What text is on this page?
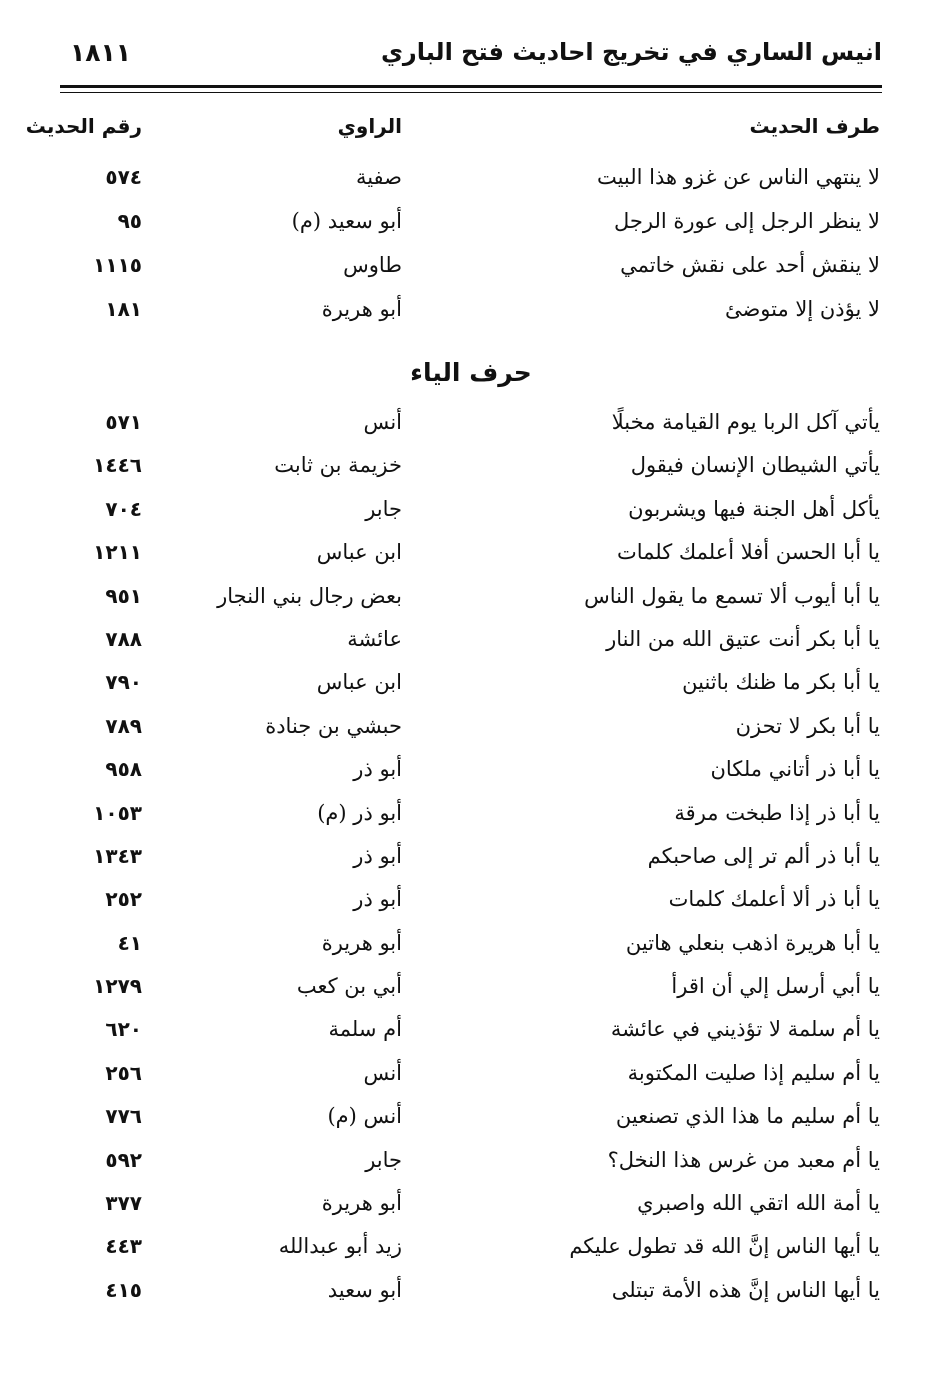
انيس الساري في تخريج احاديث فتح الباري
١٨١١
طرف الحديث
الراوي
رقم الحديث
لا ينتهي الناس عن غزو هذا البيت
صفية
٥٧٤
لا ينظر الرجل إلى عورة الرجل
أبو سعيد (م)
٩٥
لا ينقش أحد على نقش خاتمي
طاوس
١١١٥
لا يؤذن إلا متوضئ
أبو هريرة
١٨١
حرف الياء
يأتي آكل الربا يوم القيامة مخبلًا
أنس
٥٧١
يأتي الشيطان الإنسان فيقول
خزيمة بن ثابت
١٤٤٦
يأكل أهل الجنة فيها ويشربون
جابر
٧٠٤
يا أبا الحسن أفلا أعلمك كلمات
ابن عباس
١٢١١
يا أبا أيوب ألا تسمع ما يقول الناس
بعض رجال بني النجار
٩٥١
يا أبا بكر أنت عتيق الله من النار
عائشة
٧٨٨
يا أبا بكر ما ظنك باثنين
ابن عباس
٧٩٠
يا أبا بكر لا تحزن
حبشي بن جنادة
٧٨٩
يا أبا ذر أتاني ملكان
أبو ذر
٩٥٨
يا أبا ذر إذا طبخت مرقة
أبو ذر (م)
١٠٥٣
يا أبا ذر ألم تر إلى صاحبكم
أبو ذر
١٣٤٣
يا أبا ذر ألا أعلمك كلمات
أبو ذر
٢٥٢
يا أبا هريرة اذهب بنعلي هاتين
أبو هريرة
٤١
يا أبي أرسل إلي أن اقرأ
أبي بن كعب
١٢٧٩
يا أم سلمة لا تؤذيني في عائشة
أم سلمة
٦٢٠
يا أم سليم إذا صليت المكتوبة
أنس
٢٥٦
يا أم سليم ما هذا الذي تصنعين
أنس (م)
٧٧٦
يا أم معبد من غرس هذا النخل؟
جابر
٥٩٢
يا أمة الله اتقي الله واصبري
أبو هريرة
٣٧٧
يا أيها الناس إنَّ الله قد تطول عليكم
زيد أبو عبدالله
٤٤٣
يا أيها الناس إنَّ هذه الأمة تبتلى
أبو سعيد
٤١٥
